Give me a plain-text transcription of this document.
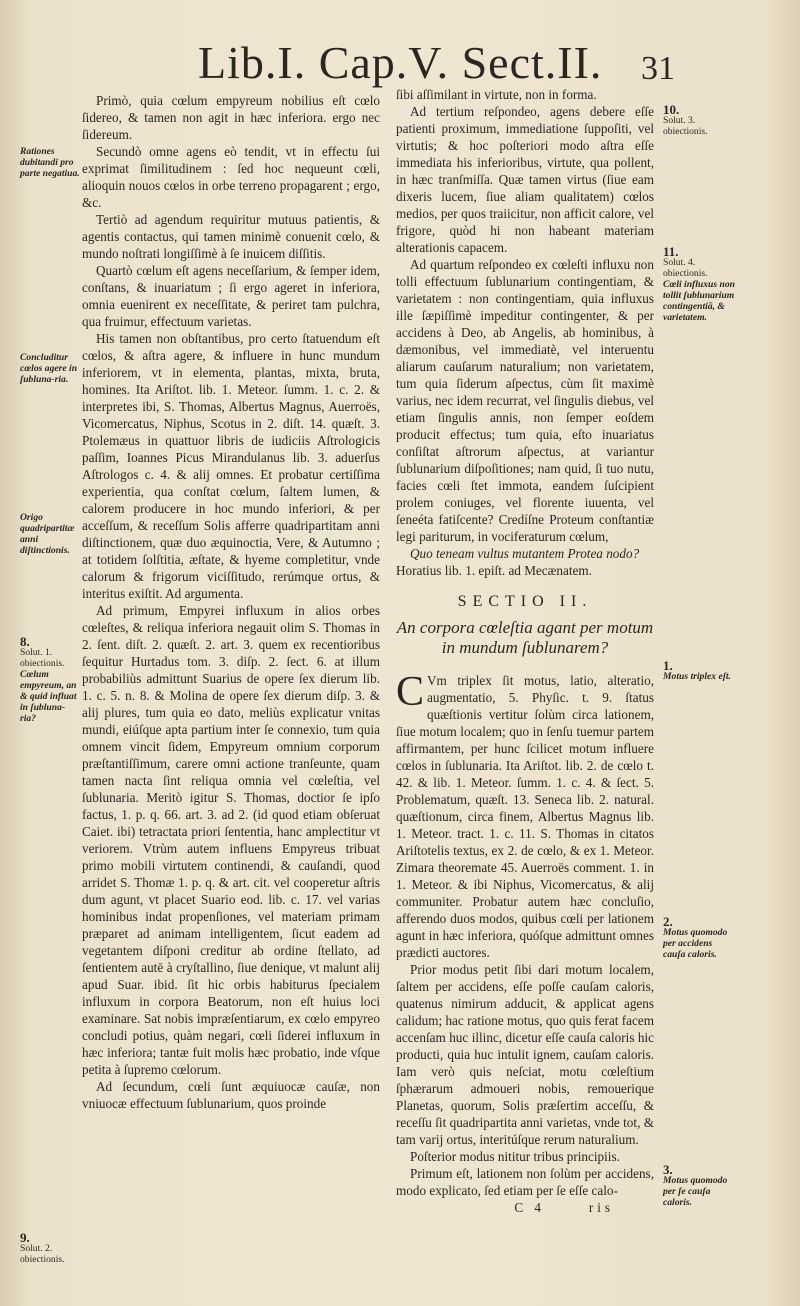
Lib.I. Cap.V. Sect.II. 31

Primò, quia cœlum empyreum nobilius eſt cœlo ſidereo, & tamen non agit in hæc inferiora. ergo nec ſidereum.

Secundò omne agens eò tendit, vt in effectu ſui exprimat ſimilitudinem : ſed hoc nequeunt cœli, alioquin nouos cœlos in orbe terreno propagarent ; ergo, &c.

Tertiò ad agendum requiritur mutuus patientis, & agentis contactus, qui tamen minimè conuenit cœlo, & mundo noſtrati longiſſimè à ſe inuicem diſſitis.

Quartò cœlum eſt agens neceſſarium, & ſemper idem, conſtans, & inuariatum ; ſi ergo ageret in inferiora, omnia euenirent ex neceſſitate, & periret tam pulchra, qua fruimur, effectuum varietas.

His tamen non obſtantibus, pro certo ſtatuendum eſt cœlos, & aſtra agere, & influere in hunc mundum inferiorem, vt in elementa, plantas, mixta, bruta, homines. Ita Ariſtot. lib. 1. Meteor. ſumm. 1. c. 2. & interpretes ibi, S. Thomas, Albertus Magnus, Auerroës, Vicomercatus, Niphus, Scotus in 2. diſt. 14. quæſt. 3. Ptolemæus in quattuor libris de iudiciis Aſtrologicis paſſim, Ioannes Picus Mirandulanus lib. 3. aduerſus Aſtrologos c. 4. & alij omnes. Et probatur certiſſima experientia, qua conſtat cœlum, ſaltem lumen, & calorem producere in hoc mundo inferiori, & per acceſſum, & receſſum Solis afferre quadripartitam anni diſtinctionem, quæ duo æquinoctia, Vere, & Autumno ; at totidem ſolſtitia, æſtate, & hyeme completitur, vnde calorum & frigorum viciſſitudo, rerúmque ortus, & interitus exiſtit. Ad argumenta.

Ad primum, Empyrei influxum in alios orbes cœleſtes, & reliqua inferiora negauit olim S. Thomas in 2. ſent. diſt. 2. quæſt. 2. art. 3. quem ex recentioribus ſequitur Hurtadus tom. 3. diſp. 2. ſect. 6. at illum probabiliùs admittunt Suarius de opere ſex dierum lib. 1. c. 5. n. 8. & Molina de opere ſex dierum diſp. 3. & alij plures, tum quia eo dato, meliùs explicatur vnitas mundi, eiúſque apta partium inter ſe connexio, tum quia omnem vincit ſidem, Empyreum omnium corporum præſtantiſſimum, carere omni actione tranſeunte, quam tamen nacta ſint reliqua omnia vel cœleſtia, vel ſublunaria. Meritò igitur S. Thomas, doctior ſe ipſo factus, 1. p. q. 66. art. 3. ad 2. (id quod etiam obſeruat Caiet. ibi) tetractata priori ſententia, hanc amplectitur vt veriorem. Vtrùm autem influens Empyreus tribuat primo mobili virtutem continendi, & cauſandi, quod arridet S. Thomæ 1. p. q. & art. cit. vel cooperetur aſtris dum agunt, vt placet Suario eod. lib. c. 17. vel varias hominibus indat propenſiones, vel materiam primam præparet ad animam intelligentem, ſicut eadem ad vegetantem diſponi creditur ab ordine ſtellato, ad ſentientem autē à cryſtallino, ſiue denique, vt malunt alij apud Suar. ibid. ſit hic orbis habiturus ſpecialem influxum in corpora Beatorum, non eſt huius loci examinare. Sat nobis impræſentiarum, ex cœlo empyreo concludi potius, quàm negari, cœli ſiderei influxum in hæc inferiora; tantæ fuit molis hæc probatio, inde vſque petita à ſupremo cœlorum.

Ad ſecundum, cœli ſunt æquiuocæ cauſæ, non vniuocæ effectuum ſublunarium, quos proinde

Rationes dubitandi pro parte negatiua.
Concluditur cœlos agere in ſubluna-ria.
Origo quadripartitæ anni diſtinctionis.
8.
Solut. 1. obiectionis.
Cœlum empyreum, an & quid influat in ſubluna-ria?
9.
Solut. 2. obiectionis.

ſibi aſſimilant in virtute, non in forma.

Ad tertium reſpondeo, agens debere eſſe patienti proximum, immediatione ſuppoſiti, vel virtutis; & hoc poſteriori modo aſtra eſſe immediata his inferioribus, virtute, qua pollent, in hæc tranſmiſſa. Quæ tamen virtus (ſiue eam dixeris lucem, ſiue aliam qualitatem) cœlos medios, per quos traiicitur, non afficit calore, vel frigore, quòd hi non habeant materiam alterationis capacem.

Ad quartum reſpondeo ex cœleſti influxu non tolli effectuum ſublunarium contingentiam, & varietatem : non contingentiam, quia influxus ille ſæpiſſimè impeditur contingenter, & per accidens à Deo, ab Angelis, ab hominibus, à dæmonibus, vel immediatè, vel interuentu aliarum cauſarum naturalium; non varietatem, tum quia ſiderum aſpectus, cùm ſit maximè varius, nec idem recurrat, vel ſingulis diebus, vel etiam ſingulis annis, non ſemper eoſdem producit effectus; tum quia, eſto inuariatus conſiſtat aſtrorum aſpectus, at variantur ſublunarium diſpoſitiones; nam quid, ſi tuo nutu, facies cœli ſtet immota, eandem ſuſcipient prolem coniuges, vel florente iuuenta, vel ſeneéta fatiſcente? Credíſne Proteum conſtantiæ legi pariturum, in vociferaturum cœlum,

Quo teneam vultus mutantem Protea nodo?

Horatius lib. 1. epiſt. ad Mecænatem.

SECTIO II.
An corpora cœleſtia agant per motum in mundum ſublunarem?

C Vm triplex ſit motus, latio, alteratio, augmentatio, 5. Phyſic. t. 9. ſtatus quæſtionis vertitur ſolùm circa lationem, ſiue motum localem; quo in ſenſu tuemur partem affirmantem, per hunc ſcilicet motum influere cœlos in ſublunaria. Ita Ariſtot. lib. 2. de cœlo t. 42. & lib. 1. Meteor. ſumm. 1. c. 4. & ſect. 5. Problematum, quæſt. 13. Seneca lib. 2. natural. quæſtionum, circa finem, Albertus Magnus lib. 1. Meteor. tract. 1. c. 11. S. Thomas in citatos Ariſtotelis textus, ex 2. de cœlo, & ex 1. Meteor. Zimara theoremate 45. Auerroës comment. 1. in 1. Meteor. & ibi Niphus, Vicomercatus, & alij communiter. Probatur autem hæc concluſio, afferendo duos modos, quibus cœli per lationem agunt in hæc inferiora, quóſque admittunt omnes prædicti auctores.

Prior modus petit ſibi dari motum localem, ſaltem per accidens, eſſe poſſe cauſam caloris, quatenus nimirum adducit, & applicat agens calidum; hac ratione motus, quo quis ferat facem accenſam huc illinc, dicetur eſſe cauſa caloris hic producti, quia huc intulit ignem, cauſam caloris. Iam verò quis neſciat, motu cœleſtium ſphærarum admoueri nobis, remouerique Planetas, quorum, Solis præſertim acceſſu, & receſſu ſit quadripartita anni varietas, vnde tot, & tam varij ortus, interitúſque rerum naturalium.

Poſterior modus nititur tribus principiis.

Primum eſt, lationem non ſolùm per accidens, modo explicato, ſed etiam per ſe eſſe calo-

C 4	ris
10.
Solut. 3. obiectionis.
11.
Solut. 4. obiectionis.
Cœli influxus non tollit ſublunarium contingentiā, & varietatem.
1.
Motus triplex eſt.
2.
Motus quomodo per accidens cauſa caloris.
3.
Motus quomodo per ſe cauſa caloris.
